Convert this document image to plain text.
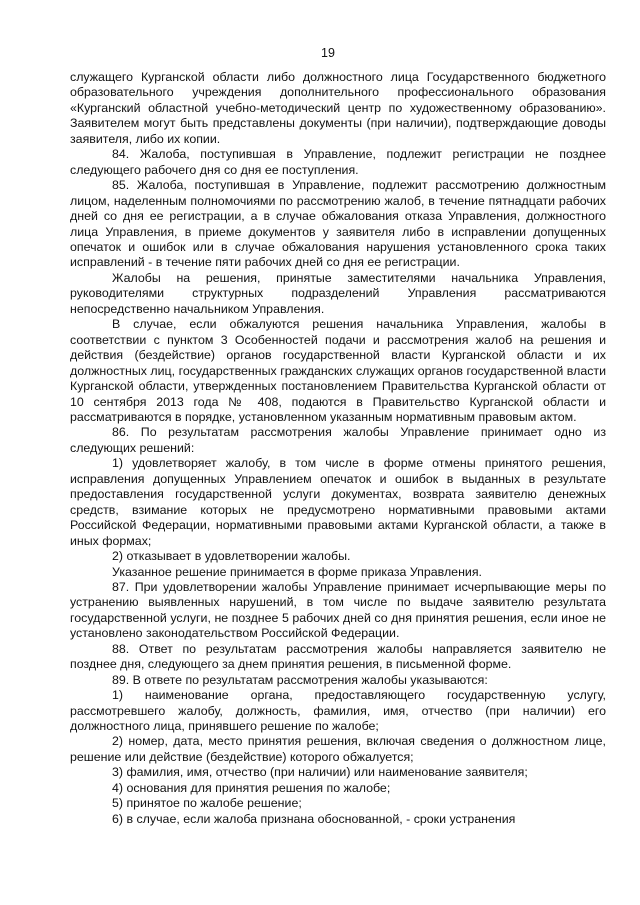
19

служащего Курганской области либо должностного лица Государственного бюджетного образовательного учреждения дополнительного профессионального образования «Курганский областной учебно-методический центр по художественному образованию». Заявителем могут быть представлены документы (при наличии), подтверждающие доводы заявителя, либо их копии.

84. Жалоба, поступившая в Управление, подлежит регистрации не позднее следующего рабочего дня со дня ее поступления.

85. Жалоба, поступившая в Управление, подлежит рассмотрению должностным лицом, наделенным полномочиями по рассмотрению жалоб, в течение пятнадцати рабочих дней со дня ее регистрации, а в случае обжалования отказа Управления, должностного лица Управления, в приеме документов у заявителя либо в исправлении допущенных опечаток и ошибок или в случае обжалования нарушения установленного срока таких исправлений - в течение пяти рабочих дней со дня ее регистрации.

Жалобы на решения, принятые заместителями начальника Управления, руководителями структурных подразделений Управления рассматриваются непосредственно начальником Управления.

В случае, если обжалуются решения начальника Управления, жалобы в соответствии с пунктом 3 Особенностей подачи и рассмотрения жалоб на решения и действия (бездействие) органов государственной власти Курганской области и их должностных лиц, государственных гражданских служащих органов государственной власти Курганской области, утвержденных постановлением Правительства Курганской области от 10 сентября 2013 года № 408, подаются в Правительство Курганской области и рассматриваются в порядке, установленном указанным нормативным правовым актом.

86. По результатам рассмотрения жалобы Управление принимает одно из следующих решений:

1) удовлетворяет жалобу, в том числе в форме отмены принятого решения, исправления допущенных Управлением опечаток и ошибок в выданных в результате предоставления государственной услуги документах, возврата заявителю денежных средств, взимание которых не предусмотрено нормативными правовыми актами Российской Федерации, нормативными правовыми актами Курганской области, а также в иных формах;

2) отказывает в удовлетворении жалобы.

Указанное решение принимается в форме приказа Управления.

87. При удовлетворении жалобы Управление принимает исчерпывающие меры по устранению выявленных нарушений, в том числе по выдаче заявителю результата государственной услуги, не позднее 5 рабочих дней со дня принятия решения, если иное не установлено законодательством Российской Федерации.

88. Ответ по результатам рассмотрения жалобы направляется заявителю не позднее дня, следующего за днем принятия решения, в письменной форме.

89. В ответе по результатам рассмотрения жалобы указываются:

1) наименование органа, предоставляющего государственную услугу, рассмотревшего жалобу, должность, фамилия, имя, отчество (при наличии) его должностного лица, принявшего решение по жалобе;

2) номер, дата, место принятия решения, включая сведения о должностном лице, решение или действие (бездействие) которого обжалуется;

3) фамилия, имя, отчество (при наличии) или наименование заявителя;

4) основания для принятия решения по жалобе;

5) принятое по жалобе решение;

6) в случае, если жалоба признана обоснованной, - сроки устранения
